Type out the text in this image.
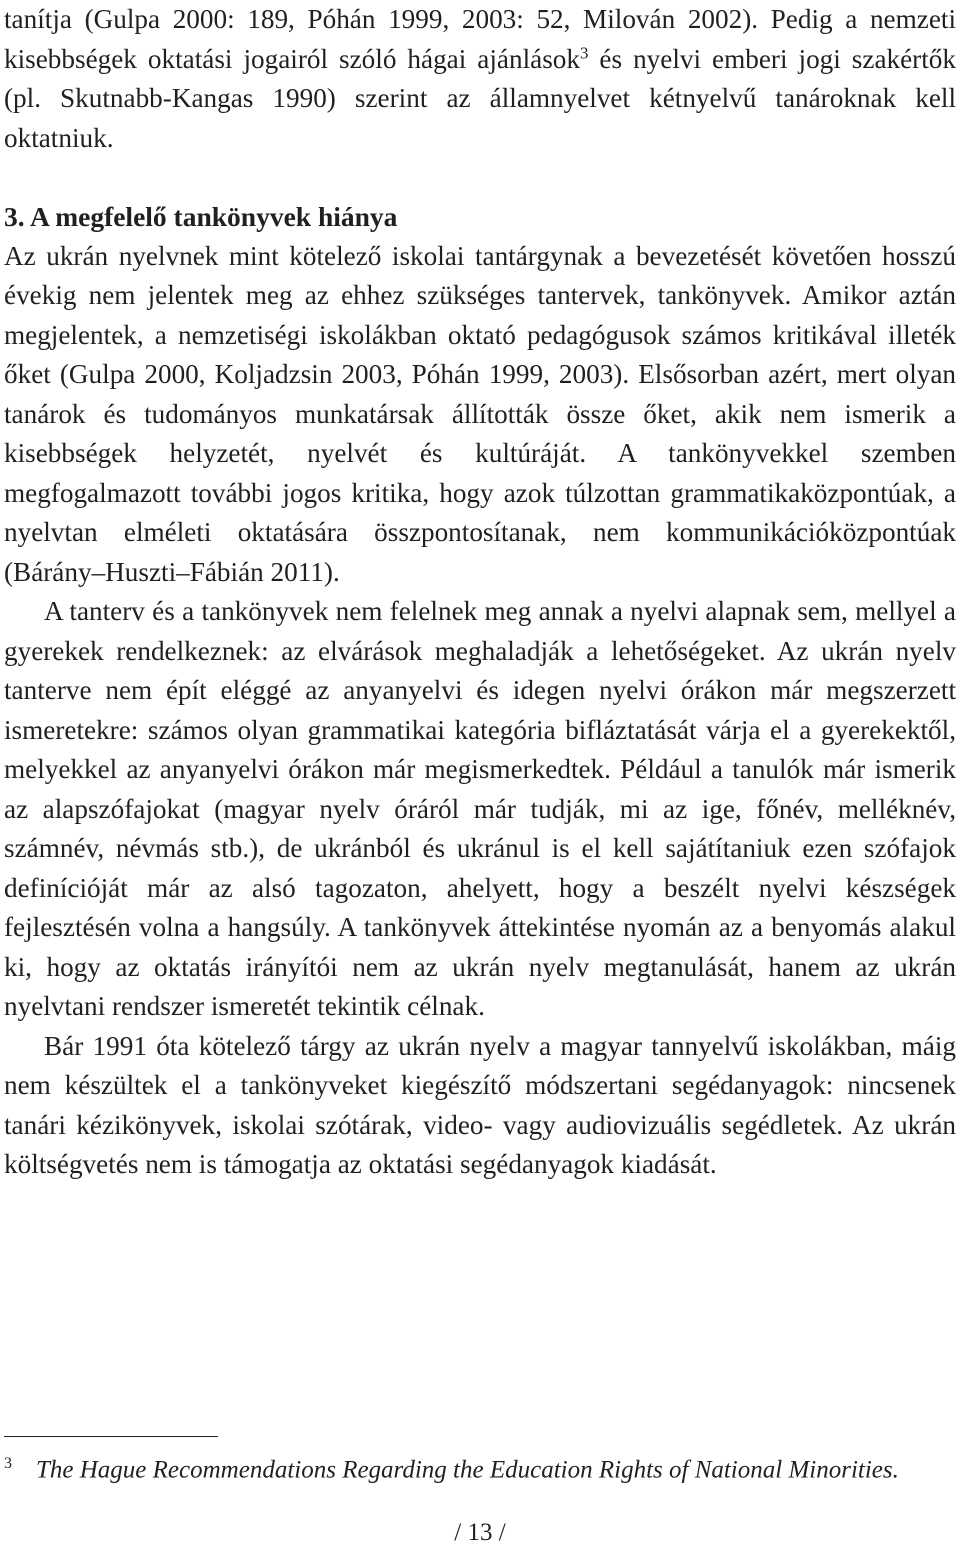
tanítja (Gulpa 2000: 189, Póhán 1999, 2003: 52, Milován 2002). Pedig a nemzeti kisebbségek oktatási jogairól szóló hágai ajánlások$^3$ és nyelvi emberi jogi szakértők (pl. Skutnabb-Kangas 1990) szerint az államnyelvet kétnyelvű tanároknak kell oktatniuk.

3. A megfelelő tankönyvek hiánya

Az ukrán nyelvnek mint kötelező iskolai tantárgynak a bevezetését követően hosszú évekig nem jelentek meg az ehhez szükséges tantervek, tankönyvek. Amikor aztán megjelentek, a nemzetiségi iskolákban oktató pedagógusok számos kritikával illeték őket (Gulpa 2000, Koljadzsin 2003, Póhán 1999, 2003). Elsősorban azért, mert olyan tanárok és tudományos munkatársak állították össze őket, akik nem ismerik a kisebbségek helyzetét, nyelvét és kultúráját. A tankönyvekkel szemben megfogalmazott további jogos kritika, hogy azok túlzottan grammatikaközpontúak, a nyelvtan elméleti oktatására összpontosítanak, nem kommunikációközpontúak (Bárány–Huszti–Fábián 2011).

A tanterv és a tankönyvek nem felelnek meg annak a nyelvi alapnak sem, mellyel a gyerekek rendelkeznek: az elvárások meghaladják a lehetőségeket. Az ukrán nyelv tanterve nem épít eléggé az anyanyelvi és idegen nyelvi órákon már megszerzett ismeretekre: számos olyan grammatikai kategória bifláztatását várja el a gyerekektől, melyekkel az anyanyelvi órákon már megismerkedtek. Például a tanulók már ismerik az alapszófajokat (magyar nyelv óráról már tudják, mi az ige, főnév, melléknév, számnév, névmás stb.), de ukránból és ukránul is el kell sajátítaniuk ezen szófajok definícióját már az alsó tagozaton, ahelyett, hogy a beszélt nyelvi készségek fejlesztésén volna a hangsúly. A tankönyvek áttekintése nyomán az a benyomás alakul ki, hogy az oktatás irányítói nem az ukrán nyelv megtanulását, hanem az ukrán nyelvtani rendszer ismeretét tekintik célnak.

Bár 1991 óta kötelező tárgy az ukrán nyelv a magyar tannyelvű iskolákban, máig nem készültek el a tankönyveket kiegészítő módszertani segédanyagok: nincsenek tanári kézikönyvek, iskolai szótárak, video- vagy audiovizuális segédletek. Az ukrán költségvetés nem is támogatja az oktatási segédanyagok kiadását.

$^3$ The Hague Recommendations Regarding the Education Rights of National Minorities.

/ 13 /
